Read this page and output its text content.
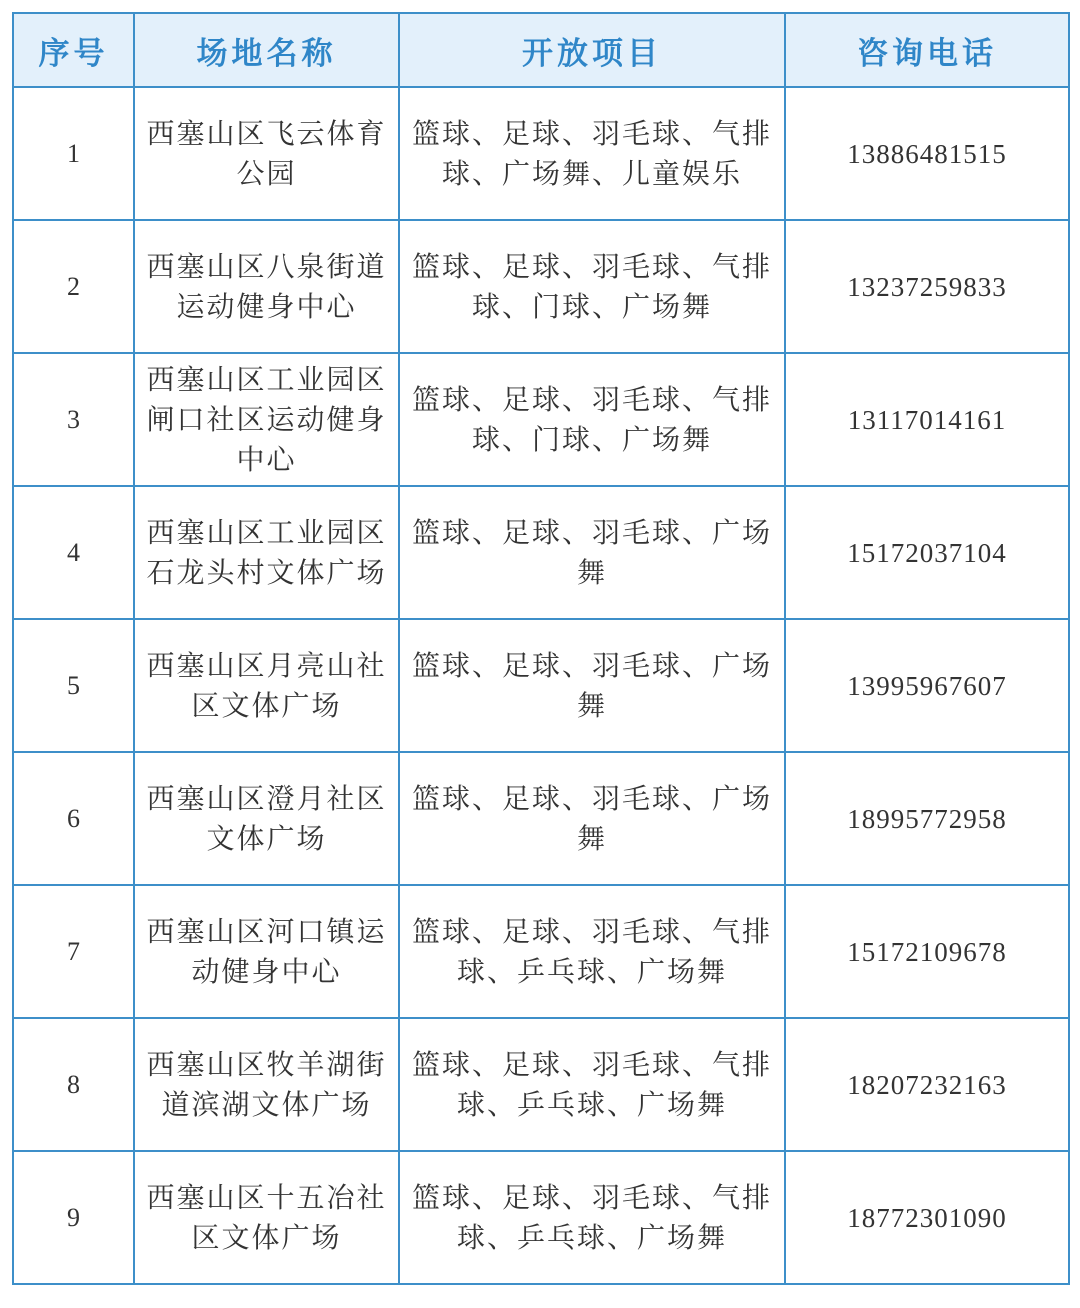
序号	场地名称	开放项目	咨询电话
1	西塞山区飞云体育公园	篮球、足球、羽毛球、气排球、广场舞、儿童娱乐	13886481515
2	西塞山区八泉街道运动健身中心	篮球、足球、羽毛球、气排球、门球、广场舞	13237259833
3	西塞山区工业园区闸口社区运动健身中心	篮球、足球、羽毛球、气排球、门球、广场舞	13117014161
4	西塞山区工业园区石龙头村文体广场	篮球、足球、羽毛球、广场舞	15172037104
5	西塞山区月亮山社区文体广场	篮球、足球、羽毛球、广场舞	13995967607
6	西塞山区澄月社区文体广场	篮球、足球、羽毛球、广场舞	18995772958
7	西塞山区河口镇运动健身中心	篮球、足球、羽毛球、气排球、乒乓球、广场舞	15172109678
8	西塞山区牧羊湖街道滨湖文体广场	篮球、足球、羽毛球、气排球、乒乓球、广场舞	18207232163
9	西塞山区十五冶社区文体广场	篮球、足球、羽毛球、气排球、乒乓球、广场舞	18772301090
